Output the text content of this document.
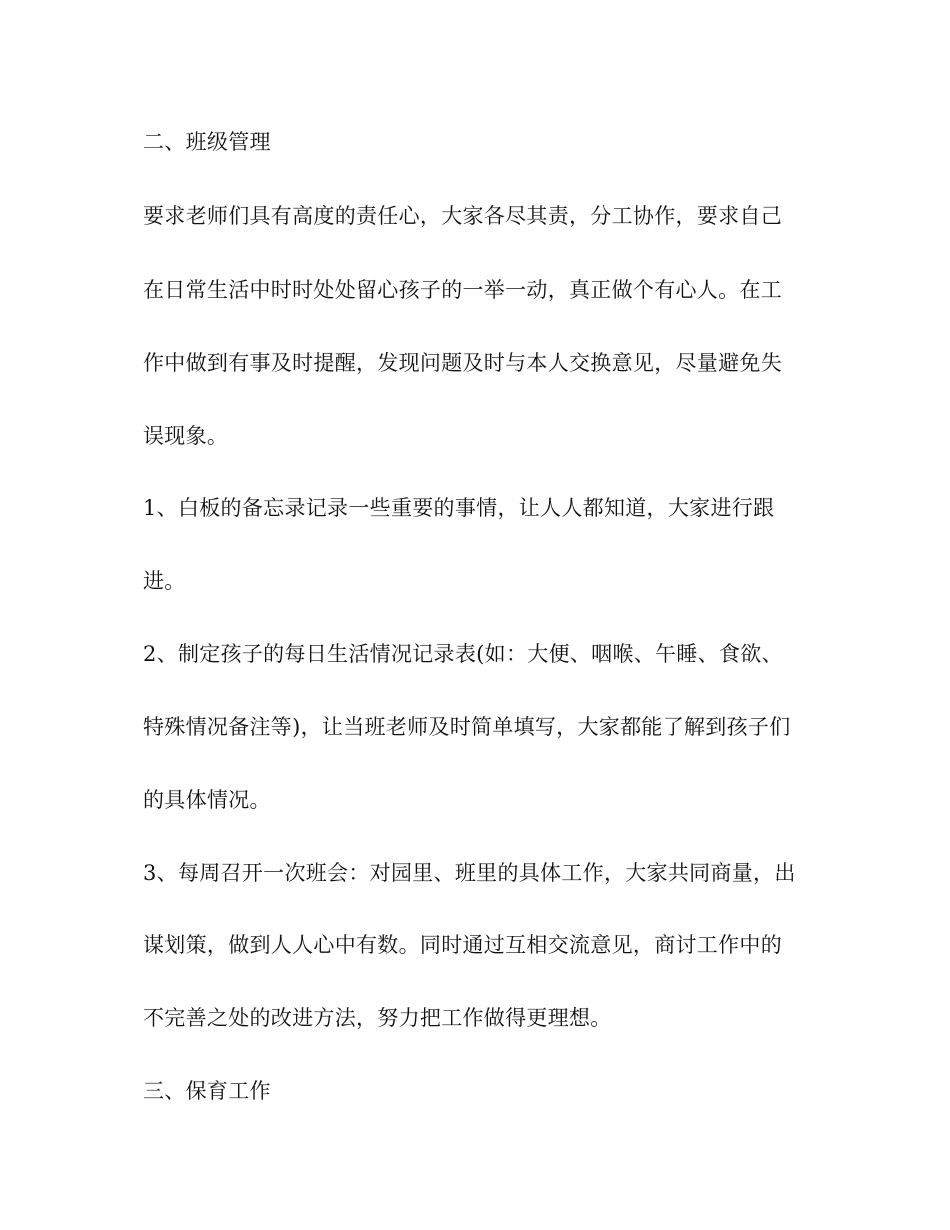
二、班级管理

要求老师们具有高度的责任心，大家各尽其责，分工协作，要求自己

在日常生活中时时处处留心孩子的一举一动，真正做个有心人。在工

作中做到有事及时提醒，发现问题及时与本人交换意见，尽量避免失

误现象。

1、白板的备忘录记录一些重要的事情，让人人都知道，大家进行跟

进。

2、制定孩子的每日生活情况记录表(如：大便、咽喉、午睡、食欲、

特殊情况备注等)，让当班老师及时简单填写，大家都能了解到孩子们

的具体情况。

3、每周召开一次班会：对园里、班里的具体工作，大家共同商量，出

谋划策，做到人人心中有数。同时通过互相交流意见，商讨工作中的

不完善之处的改进方法，努力把工作做得更理想。

三、保育工作
